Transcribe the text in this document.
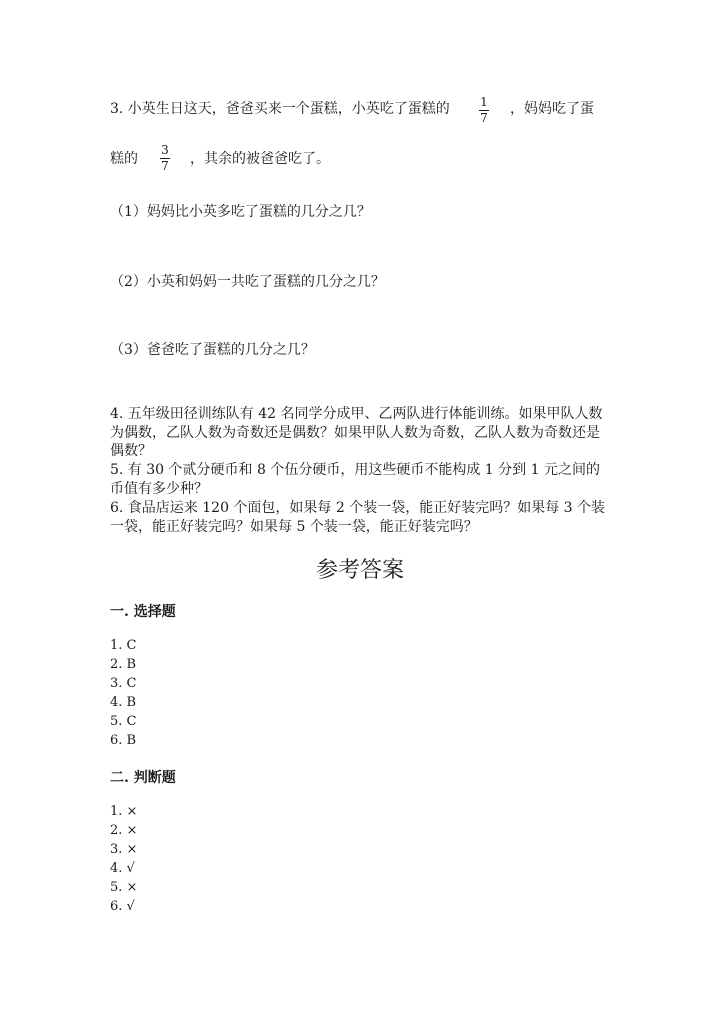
3. 小英生日这天，爸爸买来一个蛋糕，小英吃了蛋糕的	1
7
，妈妈吃了蛋
糕的
3
7 ，其余的被爸爸吃了。
（1）妈妈比小英多吃了蛋糕的几分之几？
（2）小英和妈妈一共吃了蛋糕的几分之几？
（3）爸爸吃了蛋糕的几分之几？
4. 五年级田径训练队有 42 名同学分成甲、乙两队进行体能训练。如果甲队人数为偶数，乙队人数为奇数还是偶数？如果甲队人数为奇数，乙队人数为奇数还是偶数？
5. 有 30 个贰分硬币和 8 个伍分硬币，用这些硬币不能构成 1 分到 1 元之间的币值有多少种？
6. 食品店运来 120 个面包，如果每 2 个装一袋，能正好装完吗？如果每 3 个装一袋，能正好装完吗？如果每 5 个装一袋，能正好装完吗？
参考答案
一. 选择题
1. C
2. B
3. C
4. B
5. C
6. B
二. 判断题
1. ×
2. ×
3. ×
4. √
5. ×
6. √
